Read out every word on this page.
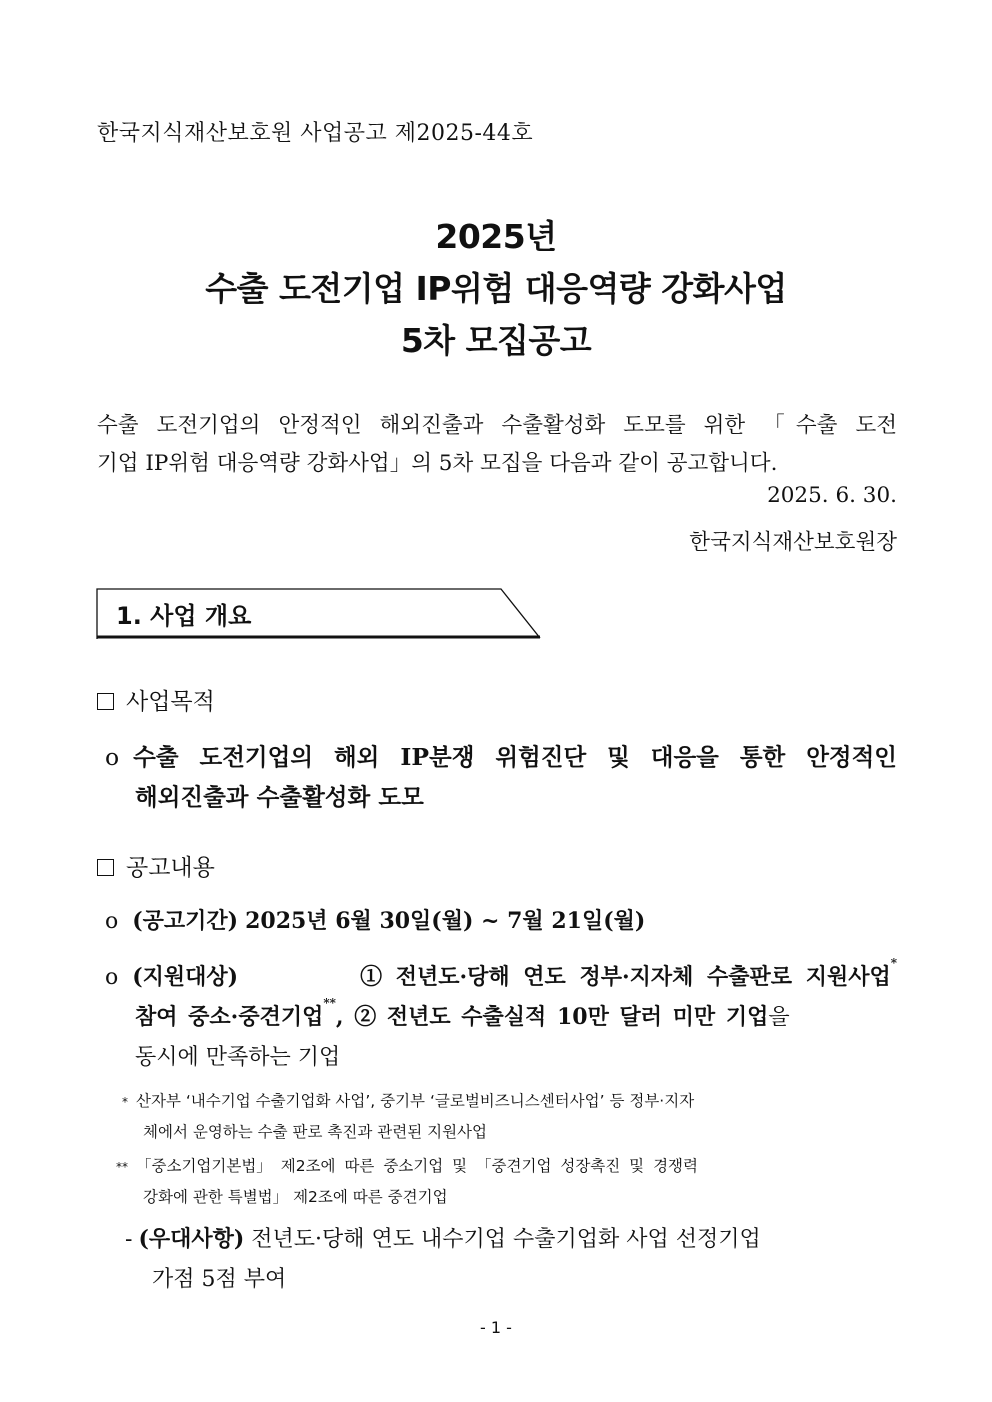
한국지식재산보호원 사업공고 제2025-44호
2025년
수출 도전기업 IP위험 대응역량 강화사업
5차 모집공고
수출 도전기업의 안정적인 해외진출과 수출활성화 도모를 위한 「수출 도전
기업 IP위험 대응역량 강화사업」의 5차 모집을 다음과 같이 공고합니다.
2025. 6. 30.
한국지식재산보호원장
1. 사업 개요
사업목적
o 수출 도전기업의 해외 IP분쟁 위험진단 및 대응을 통한 안정적인
해외진출과 수출활성화 도모
공고내용
o (공고기간) 2025년 6월 30일(월) ~ 7월 21일(월)
o (지원대상)	① 전년도·당해 연도 정부·지자체 수출판로 지원사업*
참여 중소·중견기업**, ② 전년도 수출실적 10만 달러 미만 기업을
동시에 만족하는 기업
* 산자부 ‘내수기업 수출기업화 사업’, 중기부 ‘글로벌비즈니스센터사업’ 등 정부·지자
체에서 운영하는 수출 판로 촉진과 관련된 지원사업
** 「중소기업기본법」 제2조에 따른 중소기업 및 「중견기업 성장촉진 및 경쟁력
강화에 관한 특별법」 제2조에 따른 중견기업
- (우대사항) 전년도·당해 연도 내수기업 수출기업화 사업 선정기업
가점 5점 부여
- 1 -
